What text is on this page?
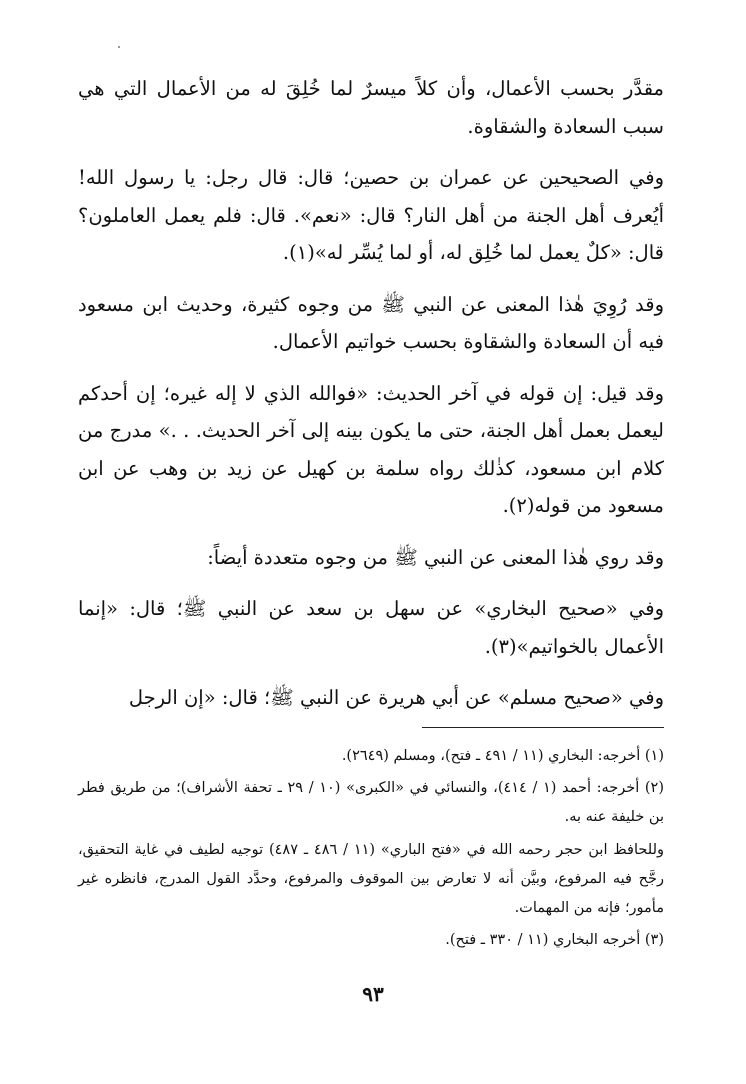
مقدَّر بحسب الأعمال، وأن كلاً ميسرٌ لما خُلِقَ له من الأعمال التي هي سبب السعادة والشقاوة.

وفي الصحيحين عن عمران بن حصين؛ قال: قال رجل: يا رسول الله! أيُعرف أهل الجنة من أهل النار؟ قال: «نعم». قال: فلم يعمل العاملون؟ قال: «كلٌ يعمل لما خُلِق له، أو لما يُسِّر له»(١).

وقد رُوِيَ هٰذا المعنى عن النبي ﷺ من وجوه كثيرة، وحديث ابن مسعود فيه أن السعادة والشقاوة بحسب خواتيم الأعمال.

وقد قيل: إن قوله في آخر الحديث: «فوالله الذي لا إله غيره؛ إن أحدكم ليعمل بعمل أهل الجنة، حتى ما يكون بينه إلى آخر الحديث. . .» مدرج من كلام ابن مسعود، كذٰلك رواه سلمة بن كهيل عن زيد بن وهب عن ابن مسعود من قوله(٢).

وقد روي هٰذا المعنى عن النبي ﷺ من وجوه متعددة أيضاً:

وفي «صحيح البخاري» عن سهل بن سعد عن النبي ﷺ؛ قال: «إنما الأعمال بالخواتيم»(٣).

وفي «صحيح مسلم» عن أبي هريرة عن النبي ﷺ؛ قال: «إن الرجل

(١) أخرجه: البخاري (١١ / ٤٩١ ـ فتح)، ومسلم (٢٦٤٩).

(٢) أخرجه: أحمد (١ / ٤١٤)، والنسائي في «الكبرى» (١٠ / ٢٩ ـ تحفة الأشراف)؛ من طريق فطر بن خليفة عنه به.

وللحافظ ابن حجر رحمه الله في «فتح الباري» (١١ / ٤٨٦ ـ ٤٨٧) توجيه لطيف في غاية التحقيق، رجَّح فيه المرفوع، وبيَّن أنه لا تعارض بين الموقوف والمرفوع، وحدَّد القول المدرج، فانظره غير مأمور؛ فإنه من المهمات.

(٣) أخرجه البخاري (١١ / ٣٣٠ ـ فتح).

٩٣
